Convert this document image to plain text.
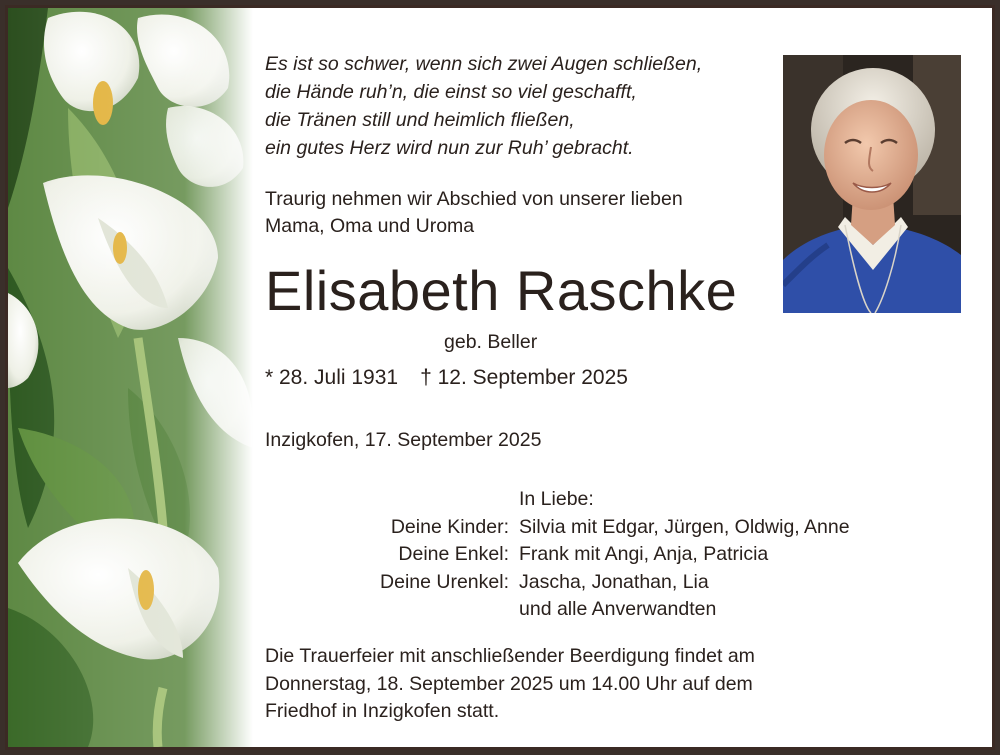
Es ist so schwer, wenn sich zwei Augen schließen,
die Hände ruh’n, die einst so viel geschafft,
die Tränen still und heimlich fließen,
ein gutes Herz wird nun zur Ruh’ gebracht.
Traurig nehmen wir Abschied von unserer lieben
Mama, Oma und Uroma
Elisabeth Raschke
geb. Beller
* 28. Juli 1931 † 12. September 2025
Inzigkofen, 17. September 2025
	In Liebe:
Deine Kinder:	Silvia mit Edgar, Jürgen, Oldwig, Anne
Deine Enkel:	Frank mit Angi, Anja, Patricia
Deine Urenkel:	Jascha, Jonathan, Lia
	und alle Anverwandten
Die Trauerfeier mit anschließender Beerdigung findet am
Donnerstag, 18. September 2025 um 14.00 Uhr auf dem
Friedhof in Inzigkofen statt.
